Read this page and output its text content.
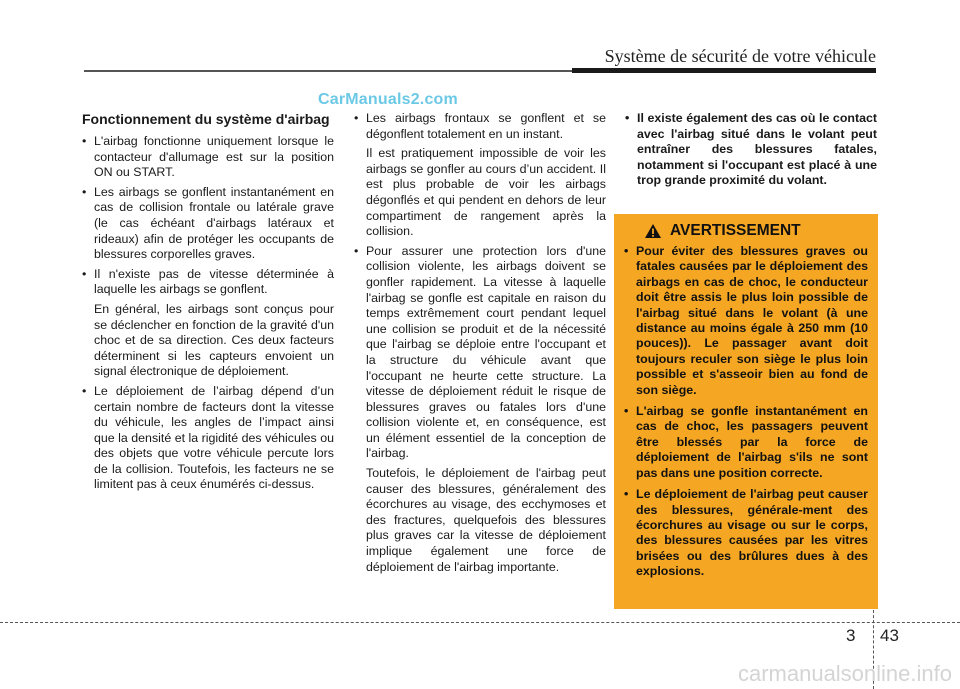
Système de sécurité de votre véhicule
CarManuals2.com

Fonctionnement du système d'airbag

• L'airbag fonctionne uniquement lorsque le contacteur d'allumage est sur la position ON ou START.

• Les airbags se gonflent instantanément en cas de collision frontale ou latérale grave (le cas échéant d'airbags latéraux et rideaux) afin de protéger les occupants de blessures corporelles graves.

• Il n'existe pas de vitesse déterminée à laquelle les airbags se gonflent.

En général, les airbags sont conçus pour se déclencher en fonction de la gravité d'un choc et de sa direction. Ces deux facteurs déterminent si les capteurs envoient un signal électronique de déploiement.

• Le déploiement de l’airbag dépend d’un certain nombre de facteurs dont la vitesse du véhicule, les angles de l’impact ainsi que la densité et la rigidité des véhicules ou des objets que votre véhicule percute lors de la collision. Toutefois, les facteurs ne se limitent pas à ceux énumérés ci-dessus.

• Les airbags frontaux se gonflent et se dégonflent totalement en un instant.

Il est pratiquement impossible de voir les airbags se gonfler au cours d’un accident. Il est plus probable de voir les airbags dégonflés et qui pendent en dehors de leur compartiment de rangement après la collision.

• Pour assurer une protection lors d'une collision violente, les airbags doivent se gonfler rapidement. La vitesse à laquelle l'airbag se gonfle est capitale en raison du temps extrêmement court pendant lequel une collision se produit et de la nécessité que l'airbag se déploie entre l'occupant et la structure du véhicule avant que l'occupant ne heurte cette structure. La vitesse de déploiement réduit le risque de blessures graves ou fatales lors d'une collision violente et, en conséquence, est un élément essentiel de la conception de l'airbag.

Toutefois, le déploiement de l'airbag peut causer des blessures, généralement des écorchures au visage, des ecchymoses et des fractures, quelquefois des blessures plus graves car la vitesse de déploiement implique également une force de déploiement de l'airbag importante.

• Il existe également des cas où le contact avec l'airbag situé dans le volant peut entraîner des blessures fatales, notamment si l'occupant est placé à une trop grande proximité du volant.

AVERTISSEMENT

• Pour éviter des blessures graves ou fatales causées par le déploiement des airbags en cas de choc, le conducteur doit être assis le plus loin possible de l'airbag situé dans le volant (à une distance au moins égale à 250 mm (10 pouces)). Le passager avant doit toujours reculer son siège le plus loin possible et s'asseoir bien au fond de son siège.

• L'airbag se gonfle instantanément en cas de choc, les passagers peuvent être blessés par la force de déploiement de l'airbag s'ils ne sont pas dans une position correcte.

• Le déploiement de l'airbag peut causer des blessures, générale-ment des écorchures au visage ou sur le corps, des blessures causées par les vitres brisées ou des brûlures dues à des explosions.

3 43
carmanualsonline.info
